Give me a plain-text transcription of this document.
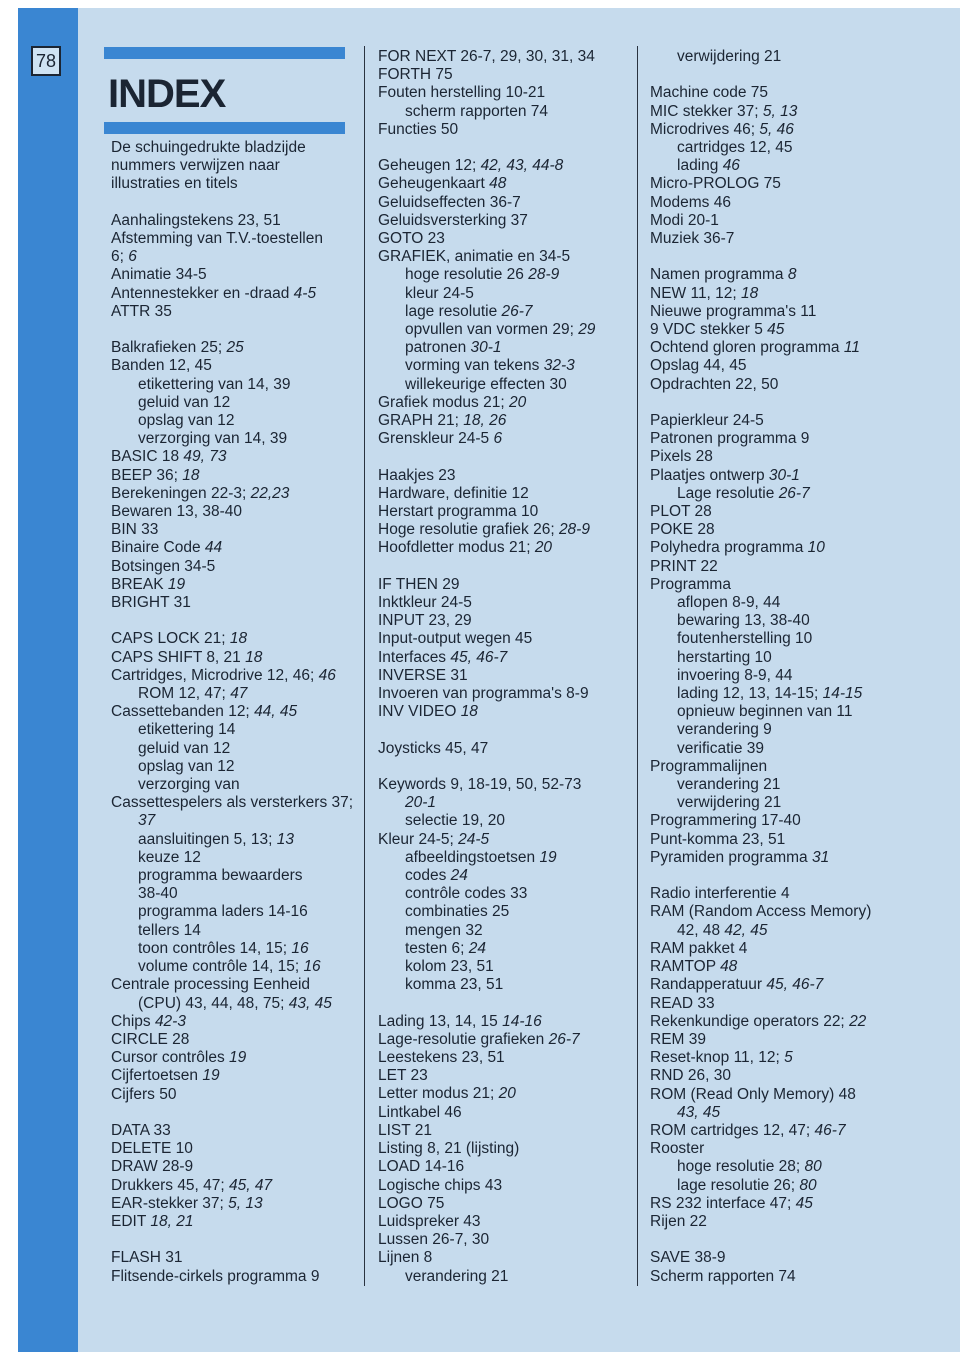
78
INDEX
De schuingedrukte bladzijde
nummers verwijzen naar
illustraties en titels
Aanhalingstekens 23, 51
Afstemming van T.V.-toestellen
6; 6
Animatie 34-5
Antennestekker en -draad 4-5
ATTR 35
Balkrafieken 25; 25
Banden 12, 45
etikettering van 14, 39
geluid van 12
opslag van 12
verzorging van 14, 39
BASIC 18 49, 73
BEEP 36; 18
Berekeningen 22-3; 22,23
Bewaren 13, 38-40
BIN 33
Binaire Code 44
Botsingen 34-5
BREAK 19
BRIGHT 31
CAPS LOCK 21; 18
CAPS SHIFT 8, 21 18
Cartridges, Microdrive 12, 46; 46
ROM 12, 47; 47
Cassettebanden 12; 44, 45
etikettering 14
geluid van 12
opslag van 12
verzorging van
Cassettespelers als versterkers 37;
37
aansluitingen 5, 13; 13
keuze 12
programma bewaarders
38-40
programma laders 14-16
tellers 14
toon contrôles 14, 15; 16
volume contrôle 14, 15; 16
Centrale processing Eenheid
(CPU) 43, 44, 48, 75; 43, 45
Chips 42-3
CIRCLE 28
Cursor contrôles 19
Cijfertoetsen 19
Cijfers 50
DATA 33
DELETE 10
DRAW 28-9
Drukkers 45, 47; 45, 47
EAR-stekker 37; 5, 13
EDIT 18, 21
FLASH 31
Flitsende-cirkels programma 9
FOR NEXT 26-7, 29, 30, 31, 34
FORTH 75
Fouten herstelling 10-21
scherm rapporten 74
Functies 50
Geheugen 12; 42, 43, 44-8
Geheugenkaart 48
Geluidseffecten 36-7
Geluidsversterking 37
GOTO 23
GRAFIEK, animatie en 34-5
hoge resolutie 26 28-9
kleur 24-5
lage resolutie 26-7
opvullen van vormen 29; 29
patronen 30-1
vorming van tekens 32-3
willekeurige effecten 30
Grafiek modus 21; 20
GRAPH 21; 18, 26
Grenskleur 24-5 6
Haakjes 23
Hardware, definitie 12
Herstart programma 10
Hoge resolutie grafiek 26; 28-9
Hoofdletter modus 21; 20
IF THEN 29
Inktkleur 24-5
INPUT 23, 29
Input-output wegen 45
Interfaces 45, 46-7
INVERSE 31
Invoeren van programma's 8-9
INV VIDEO 18
Joysticks 45, 47
Keywords 9, 18-19, 50, 52-73
20-1
selectie 19, 20
Kleur 24-5; 24-5
afbeeldingstoetsen 19
codes 24
contrôle codes 33
combinaties 25
mengen 32
testen 6; 24
kolom 23, 51
komma 23, 51
Lading 13, 14, 15 14-16
Lage-resolutie grafieken 26-7
Leestekens 23, 51
LET 23
Letter modus 21; 20
Lintkabel 46
LIST 21
Listing 8, 21 (lijsting)
LOAD 14-16
Logische chips 43
LOGO 75
Luidspreker 43
Lussen 26-7, 30
Lijnen 8
verandering 21
verwijdering 21
Machine code 75
MIC stekker 37; 5, 13
Microdrives 46; 5, 46
cartridges 12, 45
lading 46
Micro-PROLOG 75
Modems 46
Modi 20-1
Muziek 36-7
Namen programma 8
NEW 11, 12; 18
Nieuwe programma's 11
9 VDC stekker 5 45
Ochtend gloren programma 11
Opslag 44, 45
Opdrachten 22, 50
Papierkleur 24-5
Patronen programma 9
Pixels 28
Plaatjes ontwerp 30-1
Lage resolutie 26-7
PLOT 28
POKE 28
Polyhedra programma 10
PRINT 22
Programma
aflopen 8-9, 44
bewaring 13, 38-40
foutenherstelling 10
herstarting 10
invoering 8-9, 44
lading 12, 13, 14-15; 14-15
opnieuw beginnen van 11
verandering 9
verificatie 39
Programmalijnen
verandering 21
verwijdering 21
Programmering 17-40
Punt-komma 23, 51
Pyramiden programma 31
Radio interferentie 4
RAM (Random Access Memory)
42, 48 42, 45
RAM pakket 4
RAMTOP 48
Randapperatuur 45, 46-7
READ 33
Rekenkundige operators 22; 22
REM 39
Reset-knop 11, 12; 5
RND 26, 30
ROM (Read Only Memory) 48
43, 45
ROM cartridges 12, 47; 46-7
Rooster
hoge resolutie 28; 80
lage resolutie 26; 80
RS 232 interface 47; 45
Rijen 22
SAVE 38-9
Scherm rapporten 74
